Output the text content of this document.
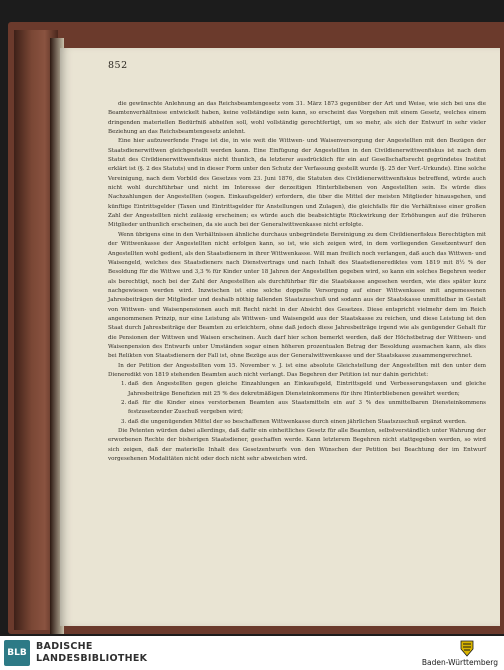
852

die gewünschte Anlehnung an das Reichsbeamtengesetz vom 31. März 1873 gegenüber der Art und Weise, wie sich bei uns die Beamtenverhältnisse entwickelt haben, keine vollständige sein kann, so erscheint das Vorgehen mit einem Gesetz, welches einem dringenden materiellen Bedürfniß abhelfen soll, wohl vollständig gerechtfertigt, um so mehr, als sich der Entwurf in sehr vieler Beziehung an das Reichsbeamtengesetz anlehnt.

Eine hier aufzuwerfende Frage ist die, in wie weit die Wittwen- und Waisenversorgung der Angestellten mit den Bezügen der Staatsdienerwittwen gleichgestellt werden kann. Eine Einfügung der Angestellten in den Civildienerwittwenfiskus ist nach dem Statut des Civildienerwittwenfiskus nicht thunlich, da letzterer ausdrücklich für ein auf Gesellschaftsrecht gegründetes Institut erklärt ist (§. 2 des Statuts) und in dieser Form unter den Schutz der Verfassung gestellt wurde (§. 25 der Verf.-Urkunde). Eine solche Vereinigung, nach dem Vorbild des Gesetzes vom 23. Juni 1876, die Statuten des Civildienerwittwenfiskus betreffend, würde auch nicht wohl durchführbar und nicht im Interesse der derzeitigen Hinterbliebenen von Angestellten sein. Es würde dies Nachzahlungen der Angestellten (sogen. Einkaufsgelder) erfordern, die über die Mittel der meisten Mitglieder hinausgehen, und künftige Eintrittsgelder (Taxen und Eintrittsgelder für Anstellungen und Zulagen), die gleichfalls für die Verhältnisse einer großen Zahl der Angestellten nicht zulässig erscheinen; es würde auch die beabsichtigte Rückwirkung der Erhöhungen auf die früheren Mitglieder unthunlich erscheinen, da sie auch bei der Generalwittwenkasse nicht erfolgte.

Wenn übrigens eine in den Verhältnissen ähnliche durchaus unbegründete Bereinigung zu dem Civildienerfiskus Berechtigten mit der Wittwenkasse der Angestellten nicht erfolgen kann, so ist, wie sich zeigen wird, in dem vorliegenden Gesetzentwurf den Angestellten wohl gedient, als den Staatsdienern in ihrer Wittwenkasse. Will man freilich noch verlangen, daß auch das Wittwen- und Waisengeld, welches des Staatsdieners nach Dienstvertrags und nach Inhalt des Staatsdienerediktes vom 1819 mit 8½ % der Besoldung für die Wittwe und 3,3 % für Kinder unter 18 Jahren der Angestellten gegeben wird, so kann ein solches Begehren weder als berechtigt, noch bei der Zahl der Angestellten als durchführbar für die Staatskasse angesehen werden, wie dies später kurz nachgewiesen werden wird. Inzwischen ist eine solche doppelte Versorgung auf einer Wittwenkasse mit angemessenen Jahresbeiträgen der Mitglieder und deshalb nöthig fallenden Staatszuschuß und sodann aus der Staatskasse unmittelbar in Gestalt von Wittwen- und Waisenpensionen auch mit Recht nicht in der Absicht des Gesetzes. Diese entspricht vielmehr dem im Reich angenommenen Prinzip, nur eine Leistung als Wittwen- und Waisengeld aus der Staatskasse zu reichen, und diese Leistung ist den Staat durch Jahresbeiträge der Beamten zu erleichtern, ohne daß jedoch diese Jahresbeiträge irgend wie als genügender Gehalt für die Pensionen der Wittwen und Waisen erscheinen. Auch darf hier schon bemerkt werden, daß der Höchstbetrag der Wittwen- und Waisenpension des Entwurfs unter Umständen sogar einen höheren prozentualen Betrag der Besoldung ausmachen kann, als dies bei Relikten von Staatsdienern der Fall ist, ohne Bezüge aus der Generalwittwenkasse und der Staatskasse zusammengerechnet.

In der Petition der Angestellten vom 15. November v. J. ist eine absolute Gleichstellung der Angestellten mit den unter dem Dieneredikt von 1819 stehenden Beamten auch nicht verlangt. Das Begehren der Petition ist nur dahin gerichtet:

1. daß den Angestellten gegen gleiche Einzahlungen an Einkaufsgeld, Eintrittsgeld und Verbesserungstaxen und gleiche Jahresbeiträge Benefizien mit 25 % des dekretmäßigen Diensteinkommens für ihre Hinterbliebenen gewährt werden;
2. daß für die Kinder eines verstorbenen Beamten aus Staatsmitteln ein auf 3 % des unmittelbaren Diensteinkommens festzusetzender Zuschuß vergeben wird;
3. daß die ungenügenden Mittel der so beschaffenen Wittwenkasse durch einen jährlichen Staatszuschuß ergänzt werden.

Die Petenten würden dabei allerdings, daß dafür ein einheitliches Gesetz für alle Beamten, selbstverständlich unter Wahrung der erworbenen Rechte der bisherigen Staatsdiener, geschaffen werde. Kann letzterem Begehren nicht stattgegeben werden, so wird sich zeigen, daß der materielle Inhalt des Gesetzentwurfs von den Wünschen der Petition bei Beachtung der im Entwurf vorgesehenen Modalitäten nicht oder doch nicht sehr abweichen wird.

BLB
BADISCHE
LANDESBIBLIOTHEK	Baden-Württemberg
